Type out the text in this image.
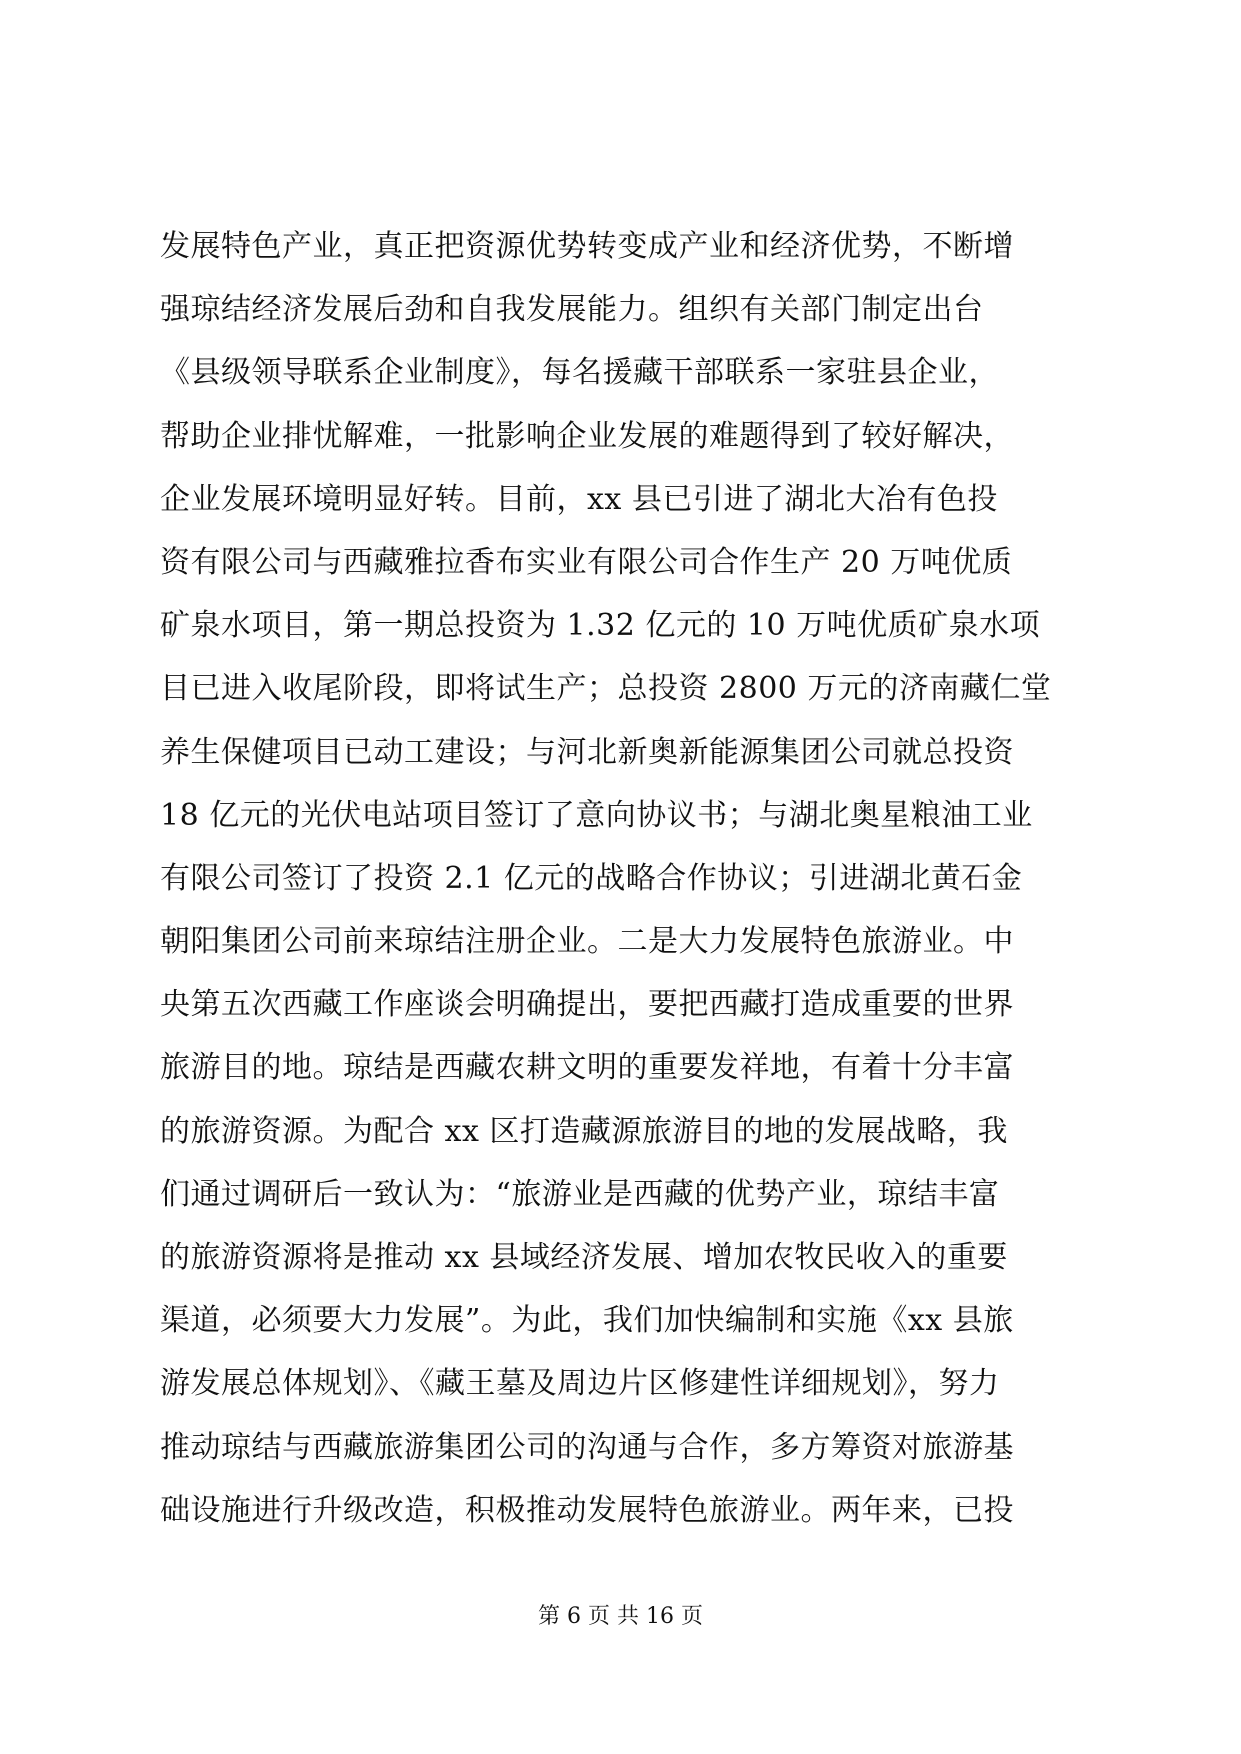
发展特色产业，真正把资源优势转变成产业和经济优势，不断增
强琼结经济发展后劲和自我发展能力。组织有关部门制定出台
《县级领导联系企业制度》，每名援藏干部联系一家驻县企业，
帮助企业排忧解难，一批影响企业发展的难题得到了较好解决，
企业发展环境明显好转。目前，xx 县已引进了湖北大冶有色投
资有限公司与西藏雅拉香布实业有限公司合作生产 20 万吨优质
矿泉水项目，第一期总投资为 1.32 亿元的 10 万吨优质矿泉水项
目已进入收尾阶段，即将试生产；总投资 2800 万元的济南藏仁堂
养生保健项目已动工建设；与河北新奥新能源集团公司就总投资
18 亿元的光伏电站项目签订了意向协议书；与湖北奥星粮油工业
有限公司签订了投资 2.1 亿元的战略合作协议；引进湖北黄石金
朝阳集团公司前来琼结注册企业。二是大力发展特色旅游业。中
央第五次西藏工作座谈会明确提出，要把西藏打造成重要的世界
旅游目的地。琼结是西藏农耕文明的重要发祥地，有着十分丰富
的旅游资源。为配合 xx 区打造藏源旅游目的地的发展战略，我
们通过调研后一致认为：“旅游业是西藏的优势产业，琼结丰富
的旅游资源将是推动 xx 县域经济发展、增加农牧民收入的重要
渠道，必须要大力发展”。为此，我们加快编制和实施《xx 县旅
游发展总体规划》、《藏王墓及周边片区修建性详细规划》，努力
推动琼结与西藏旅游集团公司的沟通与合作，多方筹资对旅游基
础设施进行升级改造，积极推动发展特色旅游业。两年来，已投
第 6 页 共 16 页
